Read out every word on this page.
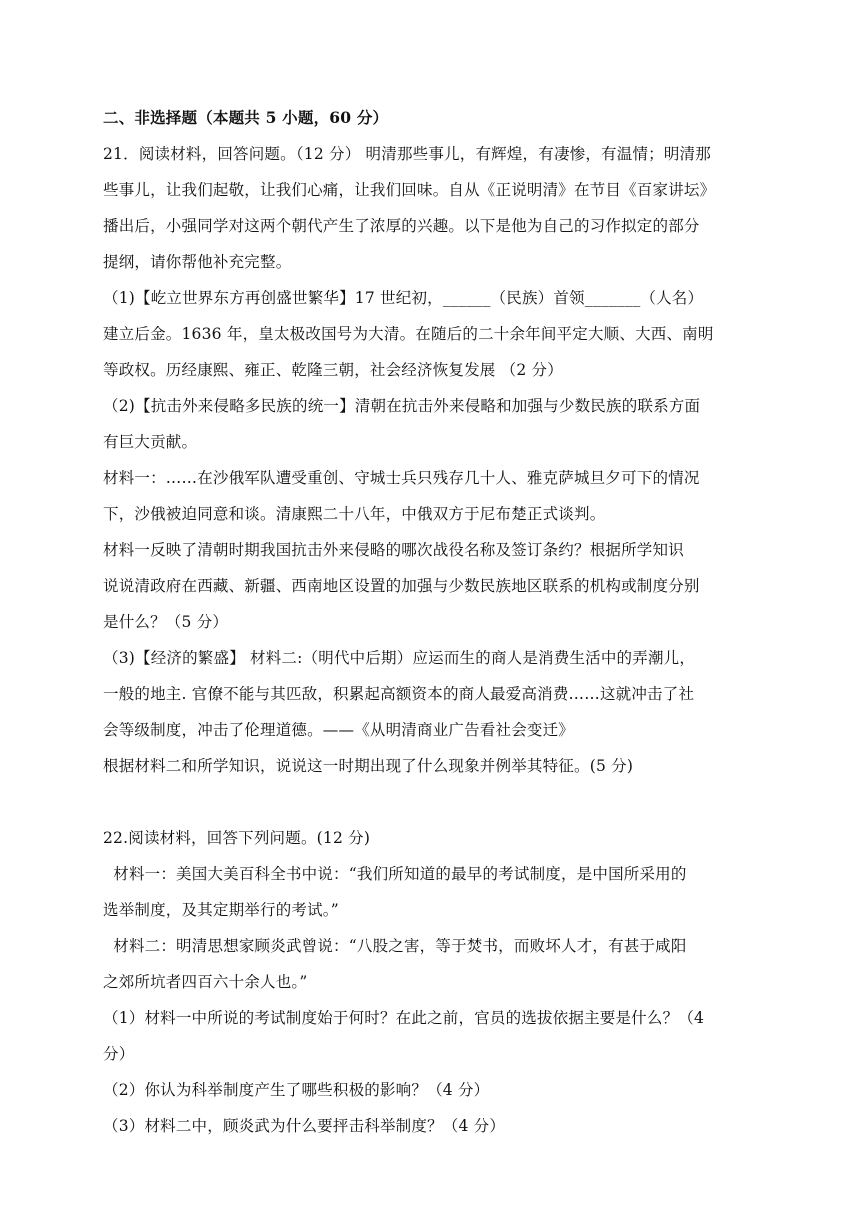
二、非选择题（本题共 5 小题，60 分）
21．阅读材料，回答问题。（12 分） 明清那些事儿，有辉煌，有凄惨，有温情；明清那
些事儿，让我们起敬，让我们心痛，让我们回味。自从《正说明清》在节目《百家讲坛》
播出后，小强同学对这两个朝代产生了浓厚的兴趣。以下是他为自己的习作拟定的部分
提纲，请你帮他补充完整。
（1)【屹立世界东方再创盛世繁华】17 世纪初，______（民族）首领_______（人名）
建立后金。1636 年，皇太极改国号为大清。在随后的二十余年间平定大顺、大西、南明
等政权。历经康熙、雍正、乾隆三朝，社会经济恢复发展 （2 分）
（2)【抗击外来侵略多民族的统一】清朝在抗击外来侵略和加强与少数民族的联系方面
有巨大贡献。
材料一：……在沙俄军队遭受重创、守城士兵只残存几十人、雅克萨城旦夕可下的情况
下，沙俄被迫同意和谈。清康熙二十八年，中俄双方于尼布楚正式谈判。
材料一反映了清朝时期我国抗击外来侵略的哪次战役名称及签订条约？根据所学知识
说说清政府在西藏、新疆、西南地区设置的加强与少数民族地区联系的机构或制度分别
是什么？（5 分）
（3)【经济的繁盛】 材料二:（明代中后期）应运而生的商人是消费生活中的弄潮儿，
一般的地主. 官僚不能与其匹敌，积累起高额资本的商人最爱高消费……这就冲击了社
会等级制度，冲击了伦理道德。——《从明清商业广告看社会变迁》
根据材料二和所学知识，说说这一时期出现了什么现象并例举其特征。(5 分)
22.阅读材料，回答下列问题。(12 分)
材料一：美国大美百科全书中说：“我们所知道的最早的考试制度，是中国所采用的
选举制度，及其定期举行的考试。”
材料二：明清思想家顾炎武曾说：“八股之害，等于焚书，而败坏人才，有甚于咸阳
之郊所坑者四百六十余人也。”
（1）材料一中所说的考试制度始于何时？在此之前，官员的选拔依据主要是什么？（4
分）
（2）你认为科举制度产生了哪些积极的影响？（4 分）
（3）材料二中，顾炎武为什么要抨击科举制度？（4 分）
